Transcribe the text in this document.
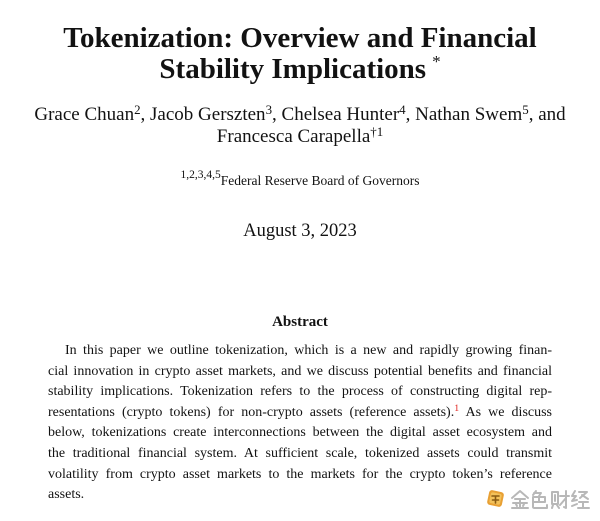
Tokenization: Overview and Financial
Stability Implications *
Grace Chuan$^2$, Jacob Gerszten$^3$, Chelsea Hunter$^4$, Nathan Swem$^5$, and
Francesca Carapella$^{\dagger 1}$
1,2,3,4,5Federal Reserve Board of Governors
August 3, 2023
Abstract
In this paper we outline tokenization, which is a new and rapidly growing finan-
cial innovation in crypto asset markets, and we discuss potential benefits and financial
stability implications. Tokenization refers to the process of constructing digital rep-
resentations (crypto tokens) for non-crypto assets (reference assets).$^1$ As we discuss
below, tokenizations create interconnections between the digital asset ecosystem and
the traditional financial system. At sufficient scale, tokenized assets could transmit
volatility from crypto asset markets to the markets for the crypto token’s reference
assets.
